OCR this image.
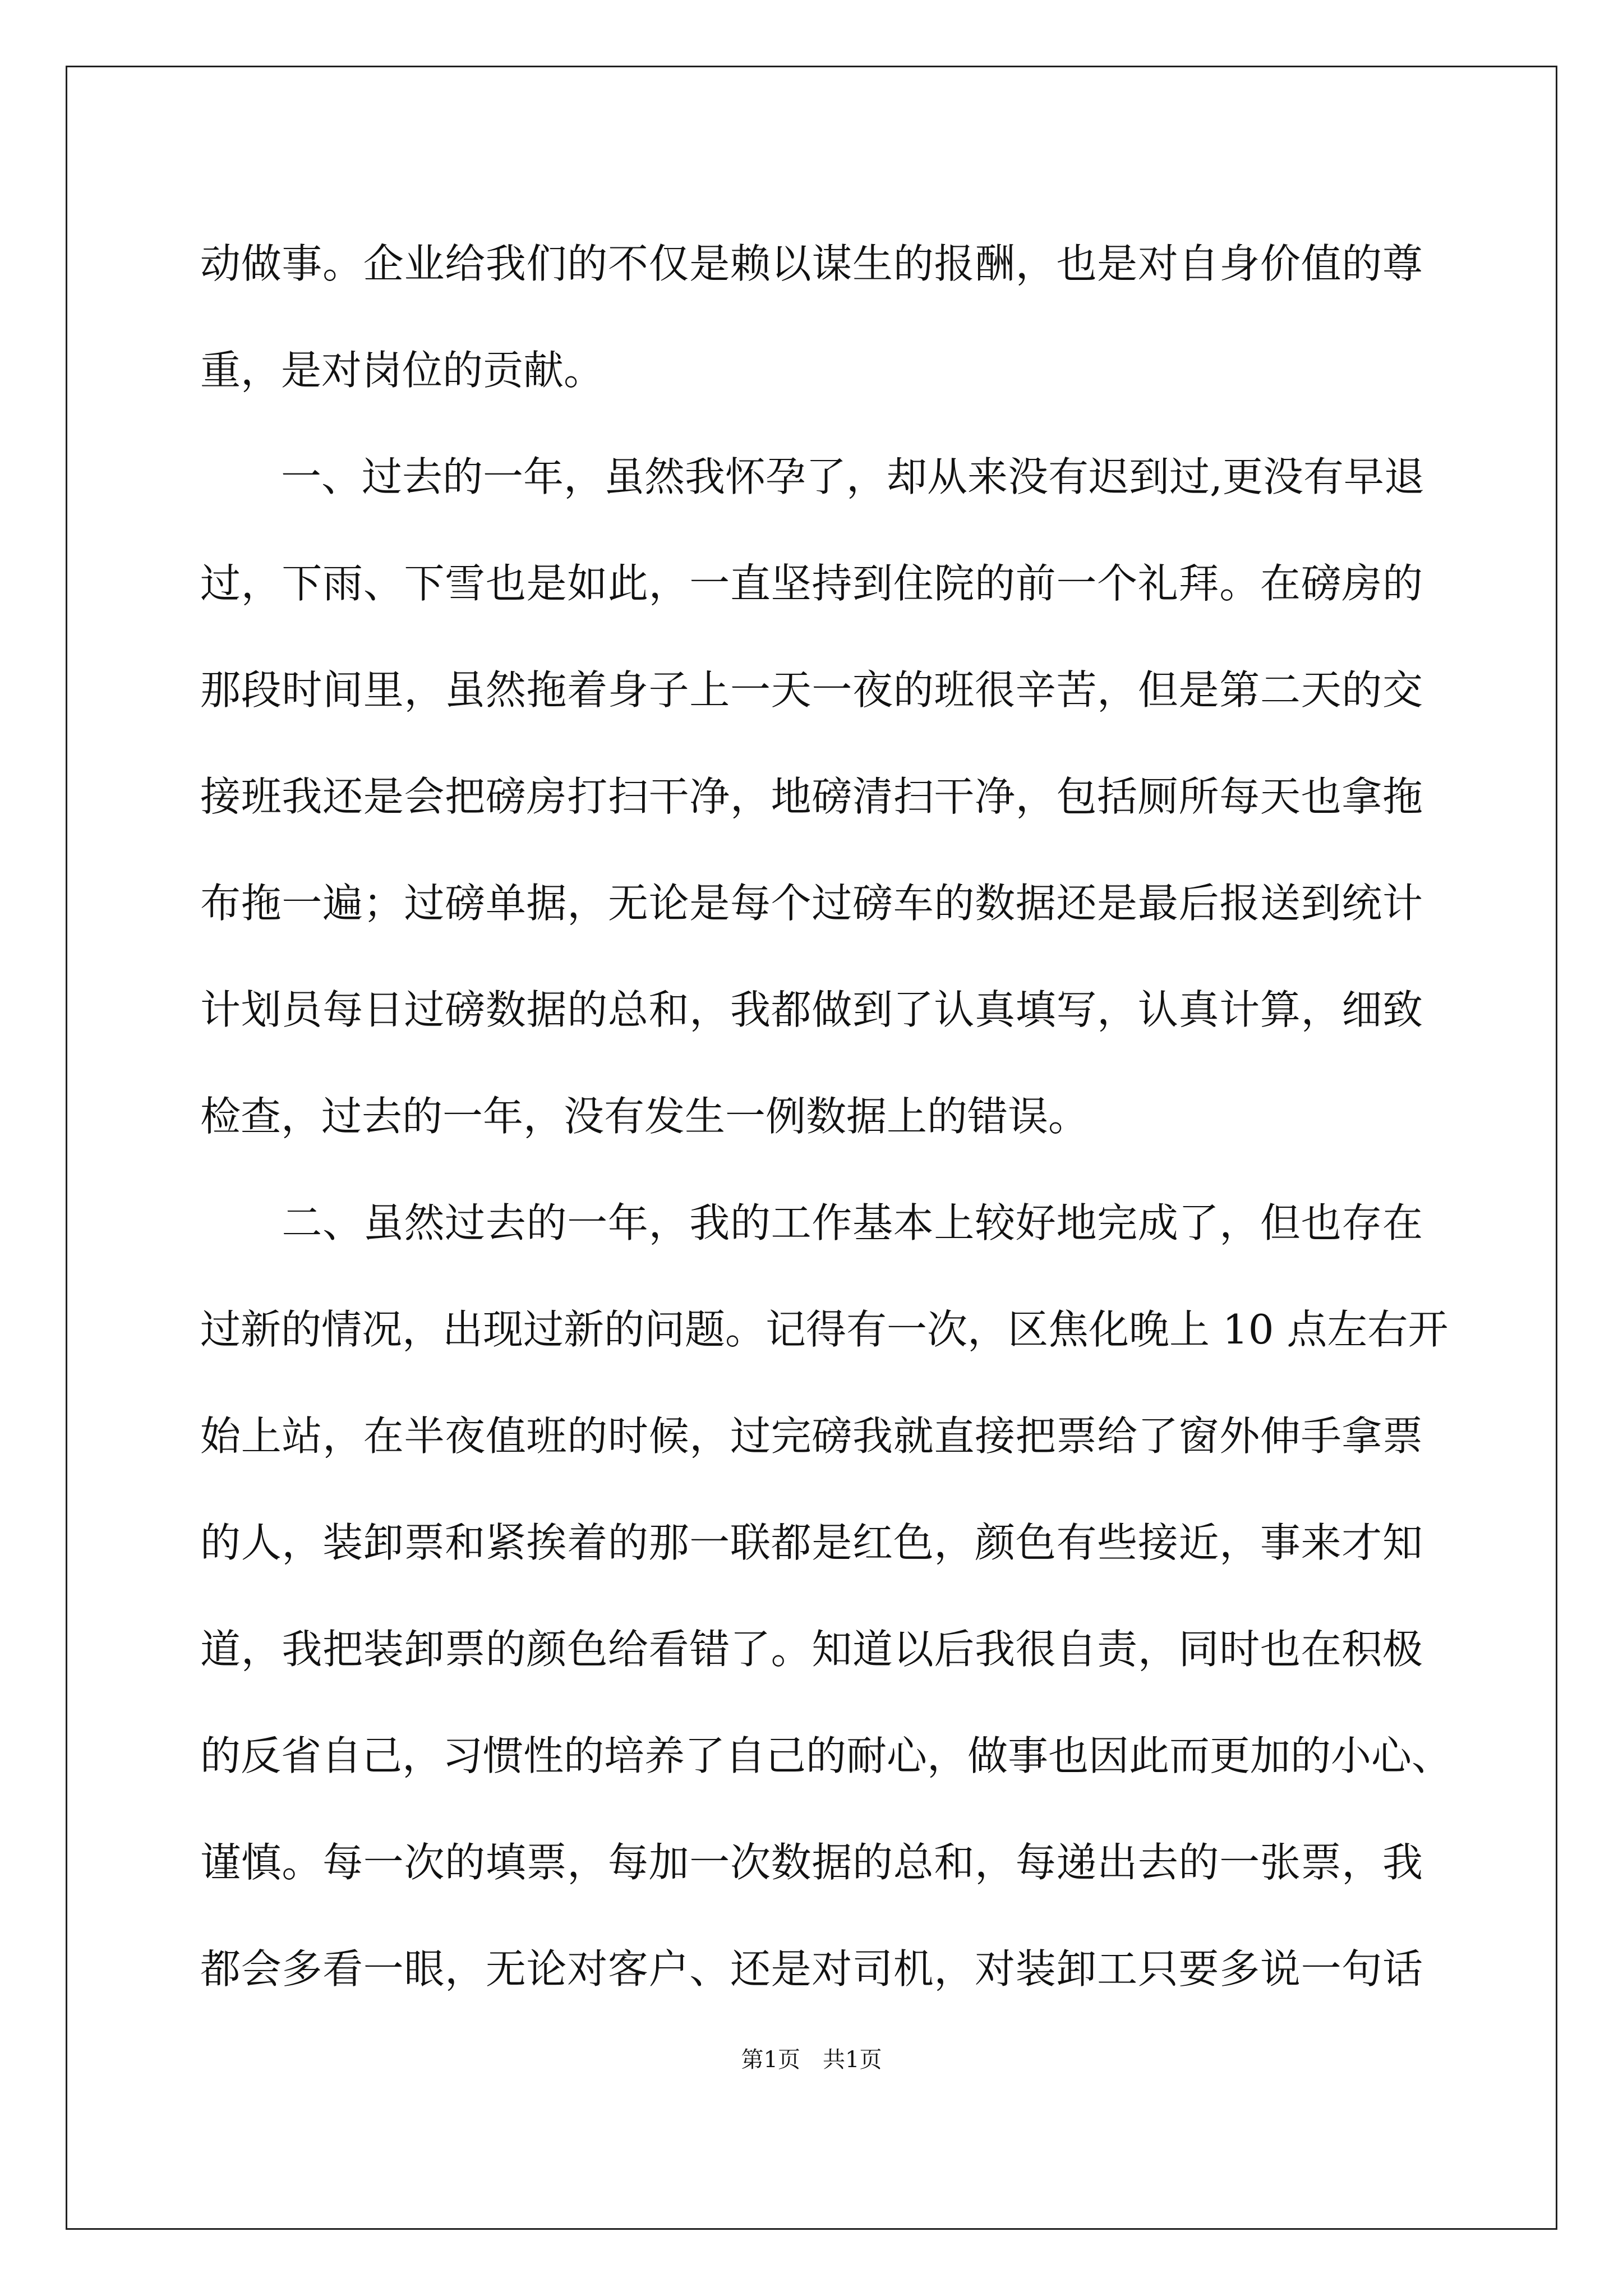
动做事。企业给我们的不仅是赖以谋生的报酬，也是对自身价值的尊
重，是对岗位的贡献。
　　一、过去的一年，虽然我怀孕了，却从来没有迟到过,更没有早退
过，下雨、下雪也是如此，一直坚持到住院的前一个礼拜。在磅房的
那段时间里，虽然拖着身子上一天一夜的班很辛苦，但是第二天的交
接班我还是会把磅房打扫干净，地磅清扫干净，包括厕所每天也拿拖
布拖一遍；过磅单据，无论是每个过磅车的数据还是最后报送到统计
计划员每日过磅数据的总和，我都做到了认真填写，认真计算，细致
检查，过去的一年，没有发生一例数据上的错误。
　　二、虽然过去的一年，我的工作基本上较好地完成了，但也存在
过新的情况，出现过新的问题。记得有一次，区焦化晚上 10 点左右开
始上站，在半夜值班的时候，过完磅我就直接把票给了窗外伸手拿票
的人，装卸票和紧挨着的那一联都是红色，颜色有些接近，事来才知
道，我把装卸票的颜色给看错了。知道以后我很自责，同时也在积极
的反省自己，习惯性的培养了自己的耐心，做事也因此而更加的小心、
谨慎。每一次的填票，每加一次数据的总和，每递出去的一张票，我
都会多看一眼，无论对客户、还是对司机，对装卸工只要多说一句话
第1页　共1页
